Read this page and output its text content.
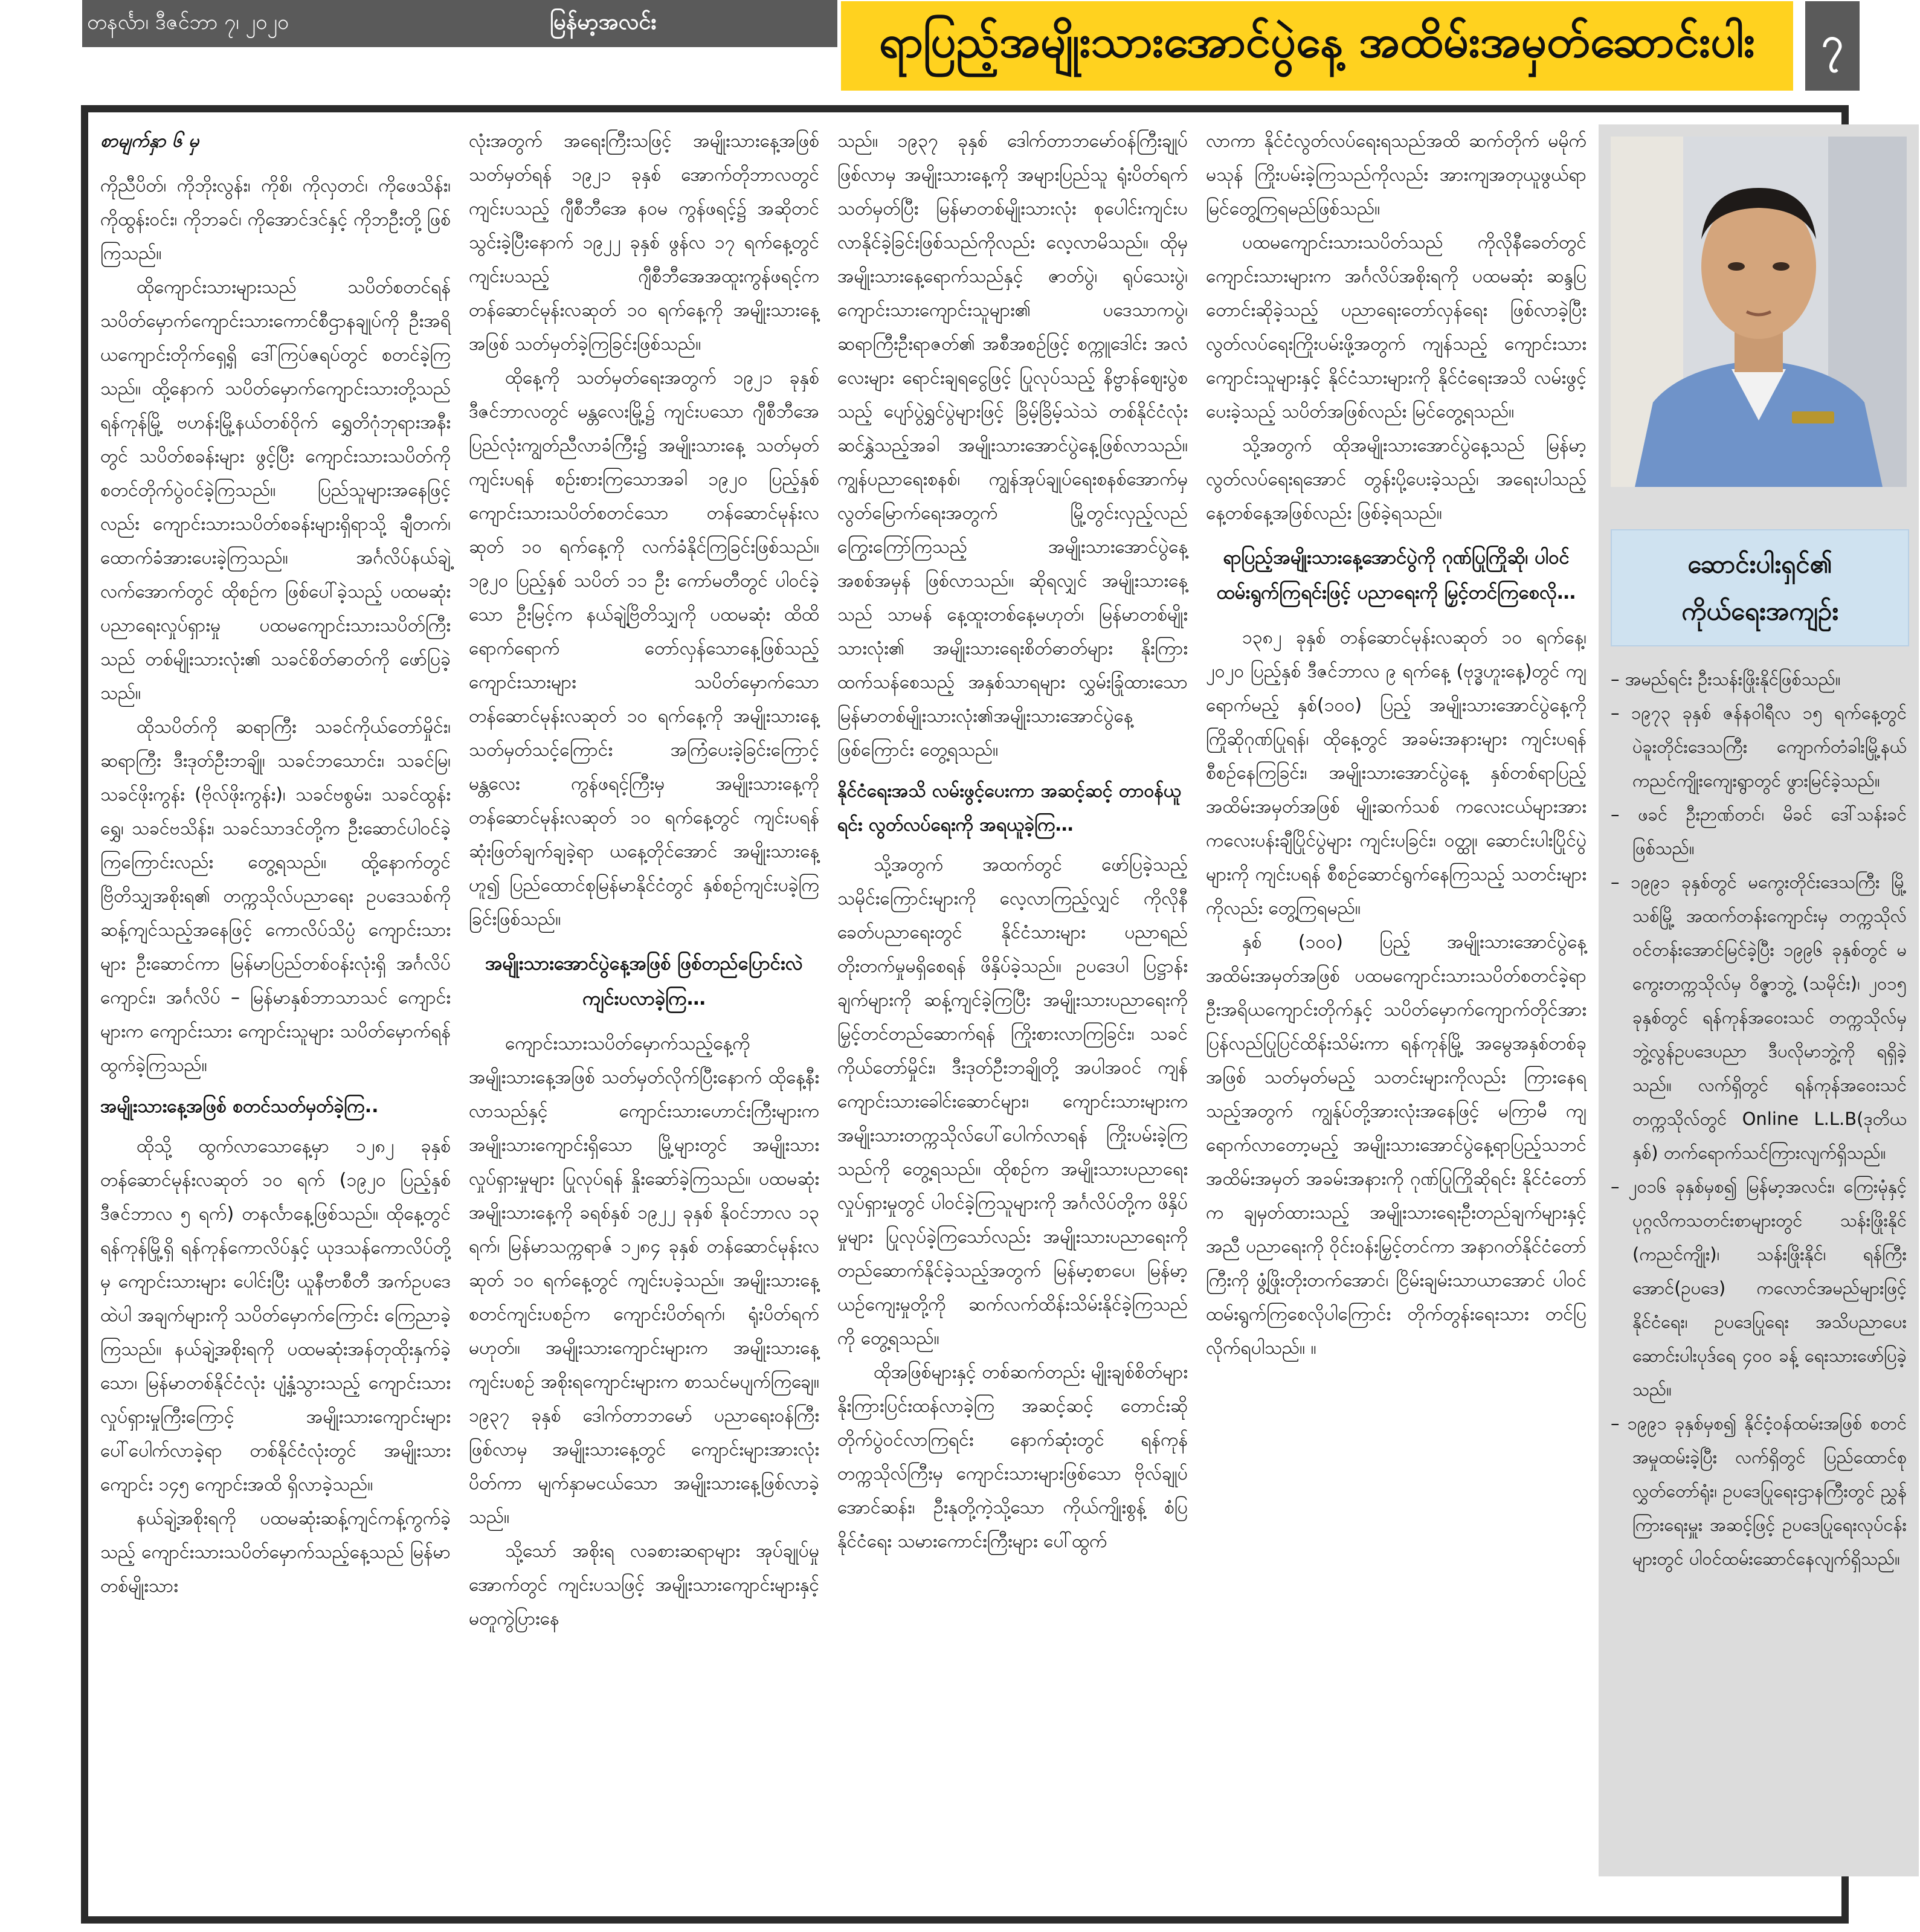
တနင်္လာ၊ ဒီဇင်ဘာ ၇၊ ၂၀၂၀	မြန်မာ့အလင်း	ရာပြည့်အမျိုးသားအောင်ပွဲနေ့ အထိမ်းအမှတ်ဆောင်းပါး	၇

စာမျက်နှာ ၆ မှ

ကိုညီပိတ်၊ ကိုဘိုးလွန်း၊ ကိုစိ၊ ကိုလှတင်၊ ကိုဖေသိန်း၊ ကိုထွန်းဝင်း၊ ကိုဘခင်၊ ကိုအောင်ဒင်နှင့် ကိုဘဦးတို့ ဖြစ်ကြသည်။

ထိုကျောင်းသားများသည် သပိတ်စတင်ရန် သပိတ်မှောက်ကျောင်းသားကောင်စီဌာနချုပ်ကို ဦးအရိယကျောင်းတိုက်ရှေ့ရှိ ဒေါ်ကြပ်ဇရပ်တွင် စတင်ခဲ့ကြသည်။ ထို့နောက် သပိတ်မှောက်ကျောင်းသားတို့သည် ရန်ကုန်မြို့ ဗဟန်းမြို့နယ်တစ်ဝိုက် ရွှေတိဂုံဘုရားအနီးတွင် သပိတ်စခန်းများ ဖွင့်ပြီး ကျောင်းသားသပိတ်ကို စတင်တိုက်ပွဲဝင်ခဲ့ကြသည်။ ပြည်သူများအနေဖြင့်လည်း ကျောင်းသားသပိတ်စခန်းများရှိရာသို့ ချီတက်၊ ထောက်ခံအားပေးခဲ့ကြသည်။ အင်္ဂလိပ်နယ်ချဲ့လက်အောက်တွင် ထိုစဉ်က ဖြစ်ပေါ်ခဲ့သည့် ပထမဆုံး ပညာရေးလှုပ်ရှားမှု ပထမကျောင်းသားသပိတ်ကြီးသည် တစ်မျိုးသားလုံး၏ သခင်စိတ်ဓာတ်ကို ဖော်ပြခဲ့သည်။

ထိုသပိတ်ကို ဆရာကြီး သခင်ကိုယ်တော်မှိုင်း၊ ဆရာကြီး ဒီးဒုတ်ဦးဘချို၊ သခင်ဘသောင်း၊ သခင်မြ၊ သခင်ဖိုးကွန်း (ဗိုလ်ဖိုးကွန်း)၊ သခင်ဗစွမ်း၊ သခင်ထွန်းရွှေ၊ သခင်ဗသိန်း၊ သခင်သာဒင်တို့က ဦးဆောင်ပါဝင်ခဲ့ကြကြောင်းလည်း တွေ့ရသည်။ ထို့နောက်တွင် ဗြိတိသျှအစိုးရ၏ တက္ကသိုလ်ပညာရေး ဥပဒေသစ်ကို ဆန့်ကျင်သည့်အနေဖြင့် ကောလိပ်သိပ္ပံ ကျောင်းသားများ ဦးဆောင်ကာ မြန်မာပြည်တစ်ဝန်းလုံးရှိ အင်္ဂလိပ်ကျောင်း၊ အင်္ဂလိပ် – မြန်မာနှစ်ဘာသာသင် ကျောင်းများက ကျောင်းသား ကျောင်းသူများ သပိတ်မှောက်ရန် ထွက်ခဲ့ကြသည်။

အမျိုးသားနေ့အဖြစ် စတင်သတ်မှတ်ခဲ့ကြ..

ထိုသို့ ထွက်လာသောနေ့မှာ ၁၂၈၂ ခုနှစ် တန်ဆောင်မုန်းလဆုတ် ၁၀ ရက် (၁၉၂၀ ပြည့်နှစ် ဒီဇင်ဘာလ ၅ ရက်) တနင်္လာနေ့ဖြစ်သည်။ ထိုနေ့တွင် ရန်ကုန်မြို့ရှိ ရန်ကုန်ကောလိပ်နှင့် ယုဒသန်ကောလိပ်တို့မှ ကျောင်းသားများ ပေါင်းပြီး ယူနီဗာစီတီ အက်ဥပဒေထဲပါ အချက်များကို သပိတ်မှောက်ကြောင်း ကြေညာခဲ့ကြသည်။ နယ်ချဲ့အစိုးရကို ပထမဆုံးအန်တုထိုးနှက်ခဲ့သော၊ မြန်မာတစ်နိုင်ငံလုံး ပျံ့နှံ့သွားသည့် ကျောင်းသား လှုပ်ရှားမှုကြီးကြောင့် အမျိုးသားကျောင်းများ ပေါ်ပေါက်လာခဲ့ရာ တစ်နိုင်ငံလုံးတွင် အမျိုးသားကျောင်း ၁၄၅ ကျောင်းအထိ ရှိလာခဲ့သည်။

နယ်ချဲ့အစိုးရကို ပထမဆုံးဆန့်ကျင်ကန့်ကွက်ခဲ့သည့် ကျောင်းသားသပိတ်မှောက်သည့်နေ့သည် မြန်မာတစ်မျိုးသား

လုံးအတွက် အရေးကြီးသဖြင့် အမျိုးသားနေ့အဖြစ်သတ်မှတ်ရန် ၁၉၂၁ ခုနှစ် အောက်တိုဘာလတွင် ကျင်းပသည့် ဂျီစီဘီအေ နဝမ ကွန်ဖရင့်၌ အဆိုတင်သွင်းခဲ့ပြီးနောက် ၁၉၂၂ ခုနှစ် ဖွန်လ ၁၇ ရက်နေ့တွင် ကျင်းပသည့် ဂျီစီဘီအေအထူးကွန်ဖရင့်က တန်ဆောင်မုန်းလဆုတ် ၁၀ ရက်နေ့ကို အမျိုးသားနေ့အဖြစ် သတ်မှတ်ခဲ့ကြခြင်းဖြစ်သည်။

ထိုနေ့ကို သတ်မှတ်ရေးအတွက် ၁၉၂၁ ခုနှစ် ဒီဇင်ဘာလတွင် မန္တလေးမြို့၌ ကျင်းပသော ဂျီစီဘီအေပြည်လုံးကျွတ်ညီလာခံကြီး၌ အမျိုးသားနေ့ သတ်မှတ်ကျင်းပရန် စဉ်းစားကြသောအခါ ၁၉၂၀ ပြည့်နှစ် ကျောင်းသားသပိတ်စတင်သော တန်ဆောင်မုန်းလဆုတ် ၁၀ ရက်နေ့ကို လက်ခံနိုင်ကြခြင်းဖြစ်သည်။ ၁၉၂၀ ပြည့်နှစ် သပိတ် ၁၁ ဦး ကော်မတီတွင် ပါဝင်ခဲ့သော ဦးမြင့်က နယ်ချဲ့ဗြိတိသျှကို ပထမဆုံး ထိထိရောက်ရောက် တော်လှန်သောနေ့ဖြစ်သည့် ကျောင်းသားများ သပိတ်မှောက်သော တန်ဆောင်မုန်းလဆုတ် ၁၀ ရက်နေ့ကို အမျိုးသားနေ့ သတ်မှတ်သင့်ကြောင်း အကြံပေးခဲ့ခြင်းကြောင့် မန္တလေး ကွန်ဖရင့်ကြီးမှ အမျိုးသားနေ့ကို တန်ဆောင်မုန်းလဆုတ် ၁၀ ရက်နေ့တွင် ကျင်းပရန် ဆုံးဖြတ်ချက်ချခဲ့ရာ ယနေ့တိုင်အောင် အမျိုးသားနေ့ဟူ၍ ပြည်ထောင်စုမြန်မာနိုင်ငံတွင် နှစ်စဉ်ကျင်းပခဲ့ကြခြင်းဖြစ်သည်။

အမျိုးသားအောင်ပွဲနေ့အဖြစ် ဖြစ်တည်ပြောင်းလဲကျင်းပလာခဲ့ကြ…

ကျောင်းသားသပိတ်မှောက်သည့်နေ့ကို အမျိုးသားနေ့အဖြစ် သတ်မှတ်လိုက်ပြီးနောက် ထိုနေ့နီးလာသည်နှင့် ကျောင်းသားဟောင်းကြီးများက အမျိုးသားကျောင်းရှိသော မြို့များတွင် အမျိုးသားလှုပ်ရှားမှုများ ပြုလုပ်ရန် နှိုးဆော်ခဲ့ကြသည်။ ပထမဆုံး အမျိုးသားနေ့ကို ခရစ်နှစ် ၁၉၂၂ ခုနှစ် နိုဝင်ဘာလ ၁၃ ရက်၊ မြန်မာသက္ကရာဇ် ၁၂၈၄ ခုနှစ် တန်ဆောင်မုန်းလဆုတ် ၁၀ ရက်နေ့တွင် ကျင်းပခဲ့သည်။ အမျိုးသားနေ့ စတင်ကျင်းပစဉ်က ကျောင်းပိတ်ရက်၊ ရုံးပိတ်ရက်မဟုတ်။ အမျိုးသားကျောင်းများက အမျိုးသားနေ့ကျင်းပစဉ် အစိုးရကျောင်းများက စာသင်မပျက်ကြချေ။ ၁၉၃၇ ခုနှစ် ဒေါက်တာဘမော် ပညာရေးဝန်ကြီးဖြစ်လာမှ အမျိုးသားနေ့တွင် ကျောင်းများအားလုံး ပိတ်ကာ မျက်နှာမငယ်သော အမျိုးသားနေ့ဖြစ်လာခဲ့သည်။

သို့သော် အစိုးရ လခစားဆရာများ အုပ်ချုပ်မှုအောက်တွင် ကျင်းပသဖြင့် အမျိုးသားကျောင်းများနှင့် မတူကွဲပြားနေ

သည်။ ၁၉၃၇ ခုနှစ် ဒေါက်တာဘမော်ဝန်ကြီးချုပ်ဖြစ်လာမှ အမျိုးသားနေ့ကို အများပြည်သူ ရုံးပိတ်ရက်သတ်မှတ်ပြီး မြန်မာတစ်မျိုးသားလုံး စုပေါင်းကျင်းပလာနိုင်ခဲ့ခြင်းဖြစ်သည်ကိုလည်း လေ့လာမိသည်။ ထိုမှ အမျိုးသားနေ့ရောက်သည်နှင့် ဇာတ်ပွဲ၊ ရုပ်သေးပွဲ၊ ကျောင်းသားကျောင်းသူများ၏ ပဒေသာကပွဲ၊ ဆရာကြီးဦးရာဇတ်၏ အစီအစဉ်ဖြင့် စက္ကူဒေါင်း အလံလေးများ ရောင်းချရငွေဖြင့် ပြုလုပ်သည့် နိဗ္ဗာန်ဈေးပွဲစသည့် ပျော်ပွဲရွှင်ပွဲများဖြင့် ခြိမ့်ခြိမ့်သဲသဲ တစ်နိုင်ငံလုံး ဆင်နွှဲသည့်အခါ အမျိုးသားအောင်ပွဲနေ့ဖြစ်လာသည်။ ကျွန်ပညာရေးစနစ်၊ ကျွန်အုပ်ချုပ်ရေးစနစ်အောက်မှ လွတ်မြောက်ရေးအတွက် မြို့တွင်းလှည့်လည်ကြွေးကြော်ကြသည့် အမျိုးသားအောင်ပွဲနေ့ အစစ်အမှန် ဖြစ်လာသည်။ ဆိုရလျှင် အမျိုးသားနေ့သည် သာမန် နေ့ထူးတစ်နေ့မဟုတ်၊ မြန်မာတစ်မျိုးသားလုံး၏ အမျိုးသားရေးစိတ်ဓာတ်များ နိုးကြားထက်သန်စေသည့် အနှစ်သာရများ လွှမ်းခြုံထားသော မြန်မာတစ်မျိုးသားလုံး၏အမျိုးသားအောင်ပွဲနေ့ဖြစ်ကြောင်း တွေ့ရသည်။

နိုင်ငံရေးအသိ လမ်းဖွင့်ပေးကာ အဆင့်ဆင့် တာဝန်ယူရင်း လွတ်လပ်ရေးကို အရယူခဲ့ကြ…

သို့အတွက် အထက်တွင် ဖော်ပြခဲ့သည့်သမိုင်းကြောင်းများကို လေ့လာကြည့်လျှင် ကိုလိုနီခေတ်ပညာရေးတွင် နိုင်ငံသားများ ပညာရည်တိုးတက်မှုမရှိစေရန် ဖိနှိပ်ခဲ့သည်။ ဥပဒေပါ ပြဋ္ဌာန်းချက်များကို ဆန့်ကျင်ခဲ့ကြပြီး အမျိုးသားပညာရေးကို မြှင့်တင်တည်ဆောက်ရန် ကြိုးစားလာကြခြင်း၊ သခင်ကိုယ်တော်မှိုင်း၊ ဒီးဒုတ်ဦးဘချိုတို့ အပါအဝင် ကျန်ကျောင်းသားခေါင်းဆောင်များ၊ ကျောင်းသားများက အမျိုးသားတက္ကသိုလ်ပေါ်ပေါက်လာရန် ကြိုးပမ်းခဲ့ကြသည်ကို တွေ့ရသည်။ ထိုစဉ်က အမျိုးသားပညာရေး လှုပ်ရှားမှုတွင် ပါဝင်ခဲ့ကြသူများကို အင်္ဂလိပ်တို့က ဖိနှိပ်မှုများ ပြုလုပ်ခဲ့ကြသော်လည်း အမျိုးသားပညာရေးကို တည်ဆောက်နိုင်ခဲ့သည့်အတွက် မြန်မာ့စာပေ၊ မြန်မာ့ယဉ်ကျေးမှုတို့ကို ဆက်လက်ထိန်းသိမ်းနိုင်ခဲ့ကြသည်ကို တွေ့ရသည်။

ထိုအဖြစ်များနှင့် တစ်ဆက်တည်း မျိုးချစ်စိတ်များ နိုးကြားပြင်းထန်လာခဲ့ကြ အဆင့်ဆင့် တောင်းဆိုတိုက်ပွဲဝင်လာကြရင်း နောက်ဆုံးတွင် ရန်ကုန်တက္ကသိုလ်ကြီးမှ ကျောင်းသားများဖြစ်သော ဗိုလ်ချုပ်အောင်ဆန်း၊ ဦးနုတို့ကဲ့သို့သော ကိုယ်ကျိုးစွန့် စံပြနိုင်ငံရေး သမားကောင်းကြီးများ ပေါ်ထွက်

လာကာ နိုင်ငံလွတ်လပ်ရေးရသည်အထိ ဆက်တိုက် မမိုက်မသုန် ကြိုးပမ်းခဲ့ကြသည်ကိုလည်း အားကျအတုယူဖွယ်ရာ မြင်တွေ့ကြရမည်ဖြစ်သည်။

ပထမကျောင်းသားသပိတ်သည် ကိုလိုနီခေတ်တွင် ကျောင်းသားများက အင်္ဂလိပ်အစိုးရကို ပထမဆုံး ဆန္ဒပြတောင်းဆိုခဲ့သည့် ပညာရေးတော်လှန်ရေး ဖြစ်လာခဲ့ပြီး လွတ်လပ်ရေးကြိုးပမ်းဖို့အတွက် ကျန်သည့် ကျောင်းသား ကျောင်းသူများနှင့် နိုင်ငံသားများကို နိုင်ငံရေးအသိ လမ်းဖွင့်ပေးခဲ့သည့် သပိတ်အဖြစ်လည်း မြင်တွေ့ရသည်။

သို့အတွက် ထိုအမျိုးသားအောင်ပွဲနေ့သည် မြန်မာ့လွတ်လပ်ရေးရအောင် တွန်းပို့ပေးခဲ့သည့်၊ အရေးပါသည့် နေ့တစ်နေ့အဖြစ်လည်း ဖြစ်ခဲ့ရသည်။

ရာပြည့်အမျိုးသားနေ့အောင်ပွဲကို ဂုဏ်ပြုကြိုဆို၊ ပါဝင်ထမ်းရွက်ကြရင်းဖြင့် ပညာရေးကို မြှင့်တင်ကြစေလို…

၁၃၈၂ ခုနှစ် တန်ဆောင်မုန်းလဆုတ် ၁၀ ရက်နေ့၊ ၂၀၂၀ ပြည့်နှစ် ဒီဇင်ဘာလ ၉ ရက်နေ့ (ဗုဒ္ဓဟူးနေ့)တွင် ကျရောက်မည့် နှစ်(၁၀၀) ပြည့် အမျိုးသားအောင်ပွဲနေ့ကို ကြိုဆိုဂုဏ်ပြုရန်၊ ထိုနေ့တွင် အခမ်းအနားများ ကျင်းပရန် စီစဉ်နေကြခြင်း၊ အမျိုးသားအောင်ပွဲနေ့ နှစ်တစ်ရာပြည့် အထိမ်းအမှတ်အဖြစ် မျိုးဆက်သစ် ကလေးငယ်များအား ကလေးပန်းချီပြိုင်ပွဲများ ကျင်းပခြင်း၊ ဝတ္ထု၊ ဆောင်းပါးပြိုင်ပွဲများကို ကျင်းပရန် စီစဉ်ဆောင်ရွက်နေကြသည့် သတင်းများကိုလည်း တွေ့ကြရမည်။

နှစ် (၁၀၀) ပြည့် အမျိုးသားအောင်ပွဲနေ့ အထိမ်းအမှတ်အဖြစ် ပထမကျောင်းသားသပိတ်စတင်ခဲ့ရာ ဦးအရိယကျောင်းတိုက်နှင့် သပိတ်မှောက်ကျောက်တိုင်အား ပြန်လည်ပြုပြင်ထိန်းသိမ်းကာ ရန်ကုန်မြို့ အမွေအနှစ်တစ်ခုအဖြစ် သတ်မှတ်မည့် သတင်းများကိုလည်း ကြားနေရသည့်အတွက် ကျွန်ုပ်တို့အားလုံးအနေဖြင့် မကြာမီ ကျရောက်လာတော့မည့် အမျိုးသားအောင်ပွဲနေ့ရာပြည့်သဘင် အထိမ်းအမှတ် အခမ်းအနားကို ဂုဏ်ပြုကြိုဆိုရင်း နိုင်ငံတော်က ချမှတ်ထားသည့် အမျိုးသားရေးဦးတည်ချက်များနှင့်အညီ ပညာရေးကို ဝိုင်းဝန်းမြှင့်တင်ကာ အနာဂတ်နိုင်ငံတော်ကြီးကို ဖွံ့ဖြိုးတိုးတက်အောင်၊ ငြိမ်းချမ်းသာယာအောင် ပါဝင်ထမ်းရွက်ကြစေလိုပါကြောင်း တိုက်တွန်းရေးသား တင်ပြလိုက်ရပါသည်။ ။

ဆောင်းပါးရှင်၏
ကိုယ်ရေးအကျဉ်း
– အမည်ရင်း ဦးသန်းဖြိုးနိုင်ဖြစ်သည်။
– ၁၉၇၃ ခုနှစ် ဇန်နဝါရီလ ၁၅ ရက်နေ့တွင် ပဲခူးတိုင်းဒေသကြီး ကျောက်တံခါးမြို့နယ် ကညင်ကျိုးကျေးရွာတွင် ဖွားမြင်ခဲ့သည်။
– ဖခင် ဦးဉာဏ်တင်၊ မိခင် ဒေါ်သန်းခင်ဖြစ်သည်။
– ၁၉၉၁ ခုနှစ်တွင် မကွေးတိုင်းဒေသကြီး မြို့သစ်မြို့ အထက်တန်းကျောင်းမှ တက္ကသိုလ်ဝင်တန်းအောင်မြင်ခဲ့ပြီး ၁၉၉၆ ခုနှစ်တွင် မကွေးတက္ကသိုလ်မှ ဝိဇ္ဇာဘွဲ့ (သမိုင်း)၊ ၂၀၁၅ ခုနှစ်တွင် ရန်ကုန်အဝေးသင် တက္ကသိုလ်မှ ဘွဲ့လွန်ဥပဒေပညာ ဒီပလိုမာဘွဲ့ကို ရရှိခဲ့သည်။ လက်ရှိတွင် ရန်ကုန်အဝေးသင်တက္ကသိုလ်တွင် Online L.L.B(ဒုတိယနှစ်) တက်ရောက်သင်ကြားလျက်ရှိသည်။
– ၂၀၁၆ ခုနှစ်မှစ၍ မြန်မာ့အလင်း၊ ကြေးမုံနှင့် ပုဂ္ဂလိကသတင်းစာများတွင် သန်းဖြိုးနိုင် (ကညင်ကျိုး)၊ သန်းဖြိုးနိုင်၊ ရန်ကြီးအောင်(ဥပဒေ) ကလောင်အမည်များဖြင့် နိုင်ငံရေး၊ ဥပဒေပြုရေး အသိပညာပေးဆောင်းပါးပုဒ်ရေ ၄၀၀ ခန့် ရေးသားဖော်ပြခဲ့သည်။
– ၁၉၉၁ ခုနှစ်မှစ၍ နိုင်ငံ့ဝန်ထမ်းအဖြစ် စတင် အမှုထမ်းခဲ့ပြီး လက်ရှိတွင် ပြည်ထောင်စုလွှတ်တော်ရုံး၊ ဥပဒေပြုရေးဌာနကြီးတွင် ညွှန်ကြားရေးမှူး အဆင့်ဖြင့် ဥပဒေပြုရေးလုပ်ငန်းများတွင် ပါဝင်ထမ်းဆောင်နေလျက်ရှိသည်။
